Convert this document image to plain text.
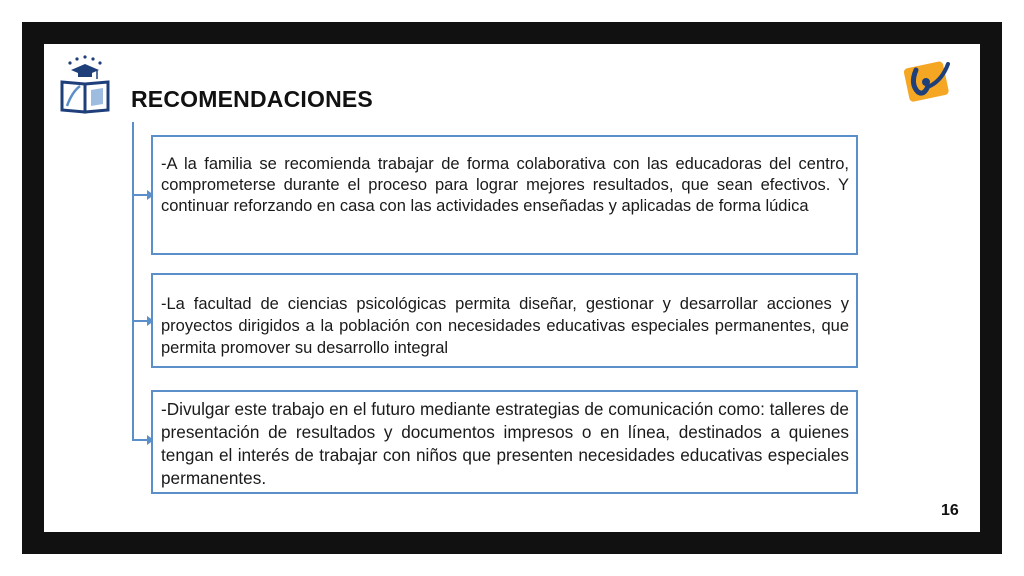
RECOMENDACIONES
-A la familia se recomienda trabajar de forma colaborativa con las educadoras del centro, comprometerse durante el proceso para lograr mejores resultados, que sean efectivos. Y continuar reforzando en casa con las actividades enseñadas y aplicadas de forma lúdica
-La facultad de ciencias psicológicas permita diseñar, gestionar y desarrollar acciones y proyectos dirigidos a la población con necesidades educativas especiales permanentes, que permita promover su desarrollo integral
-Divulgar este trabajo en el futuro mediante estrategias de comunicación como: talleres de presentación de resultados y documentos impresos o en línea, destinados a quienes tengan el interés de trabajar con niños que presenten necesidades educativas especiales permanentes.
16
